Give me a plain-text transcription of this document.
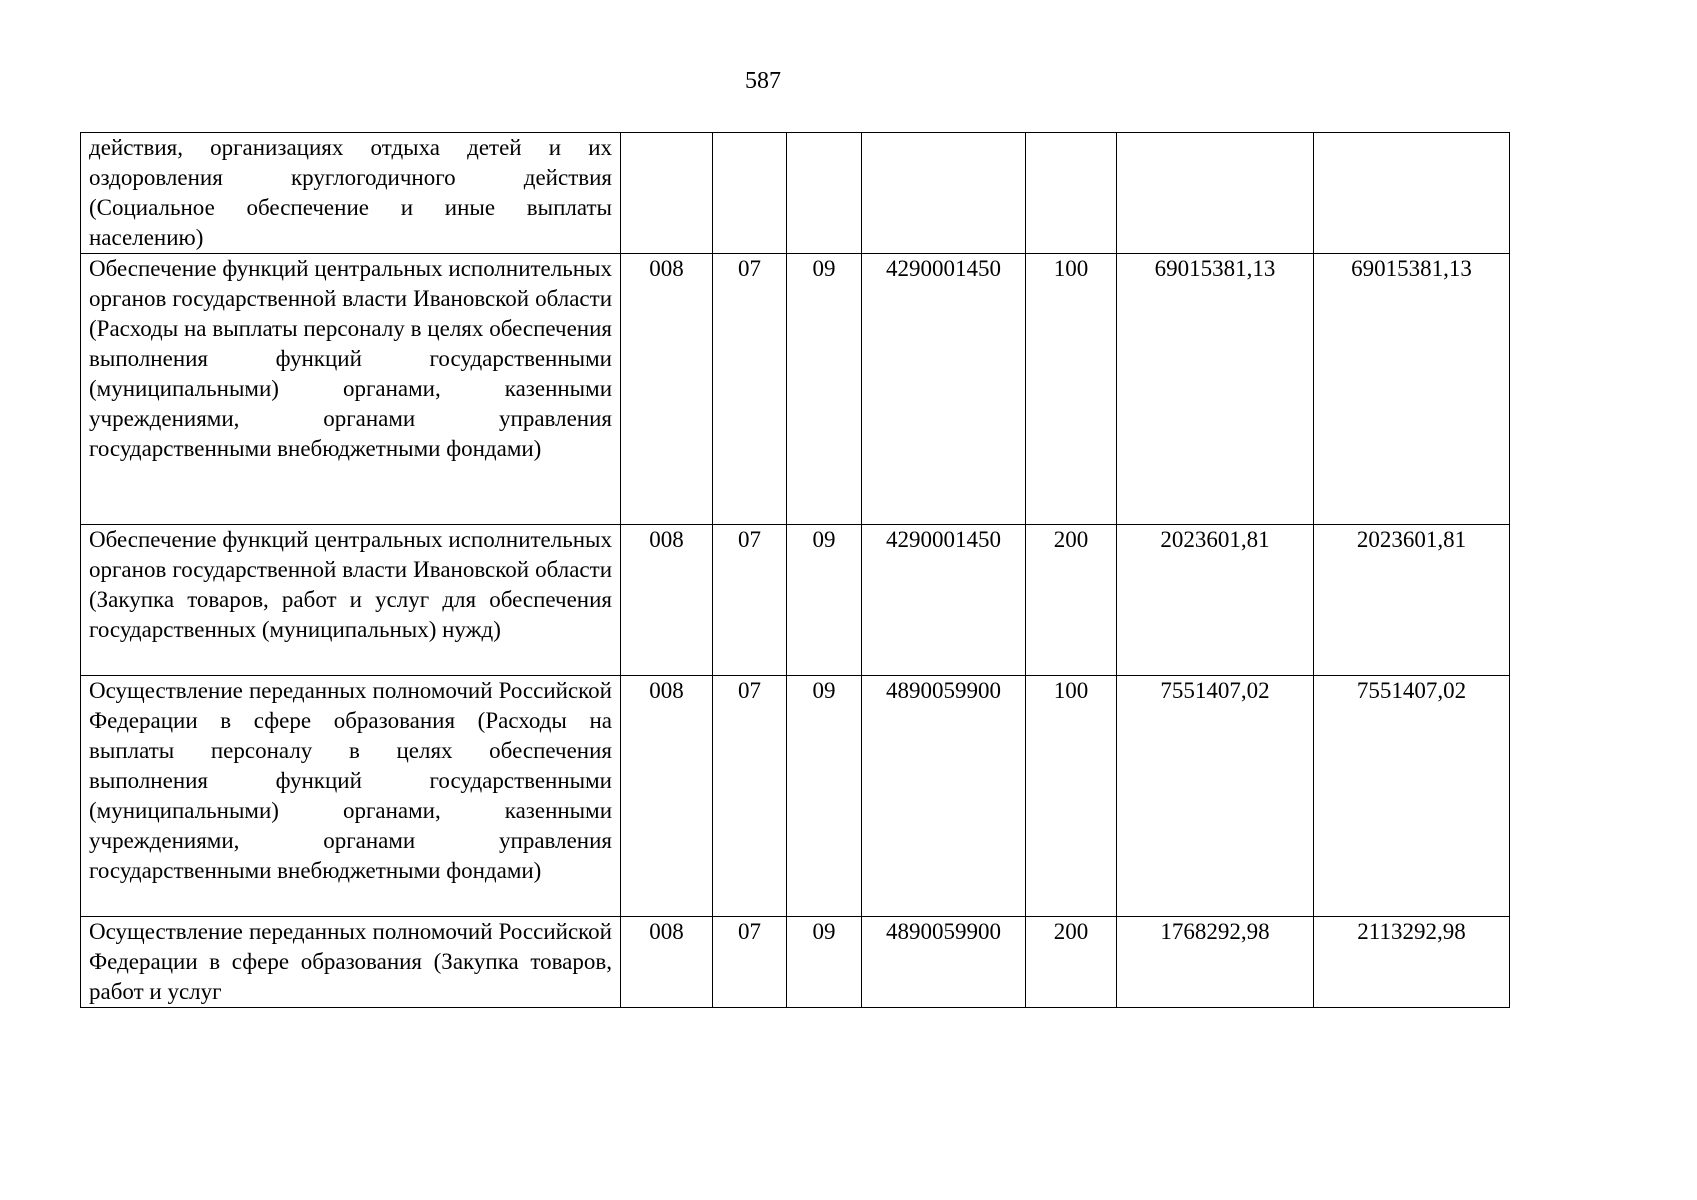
587
действия, организациях отдыха детей и их оздоровления круглогодичного действия (Социальное обеспечение и иные выплаты населению)							
Обеспечение функций центральных исполнительных органов государственной власти Ивановской области (Расходы на выплаты персоналу в целях обеспечения выполнения функций государственными (муниципальными) органами, казенными учреждениями, органами управления государственными внебюджетными фондами)	008	07	09	4290001450	100	69015381,13	69015381,13
Обеспечение функций центральных исполнительных органов государственной власти Ивановской области (Закупка товаров, работ и услуг для обеспечения государственных (муниципальных) нужд)	008	07	09	4290001450	200	2023601,81	2023601,81
Осуществление переданных полномочий Российской Федерации в сфере образования (Расходы на выплаты персоналу в целях обеспечения выполнения функций государственными (муниципальными) органами, казенными учреждениями, органами управления государственными внебюджетными фондами)	008	07	09	4890059900	100	7551407,02	7551407,02
Осуществление переданных полномочий Российской Федерации в сфере образования (Закупка товаров, работ и услуг	008	07	09	4890059900	200	1768292,98	2113292,98
